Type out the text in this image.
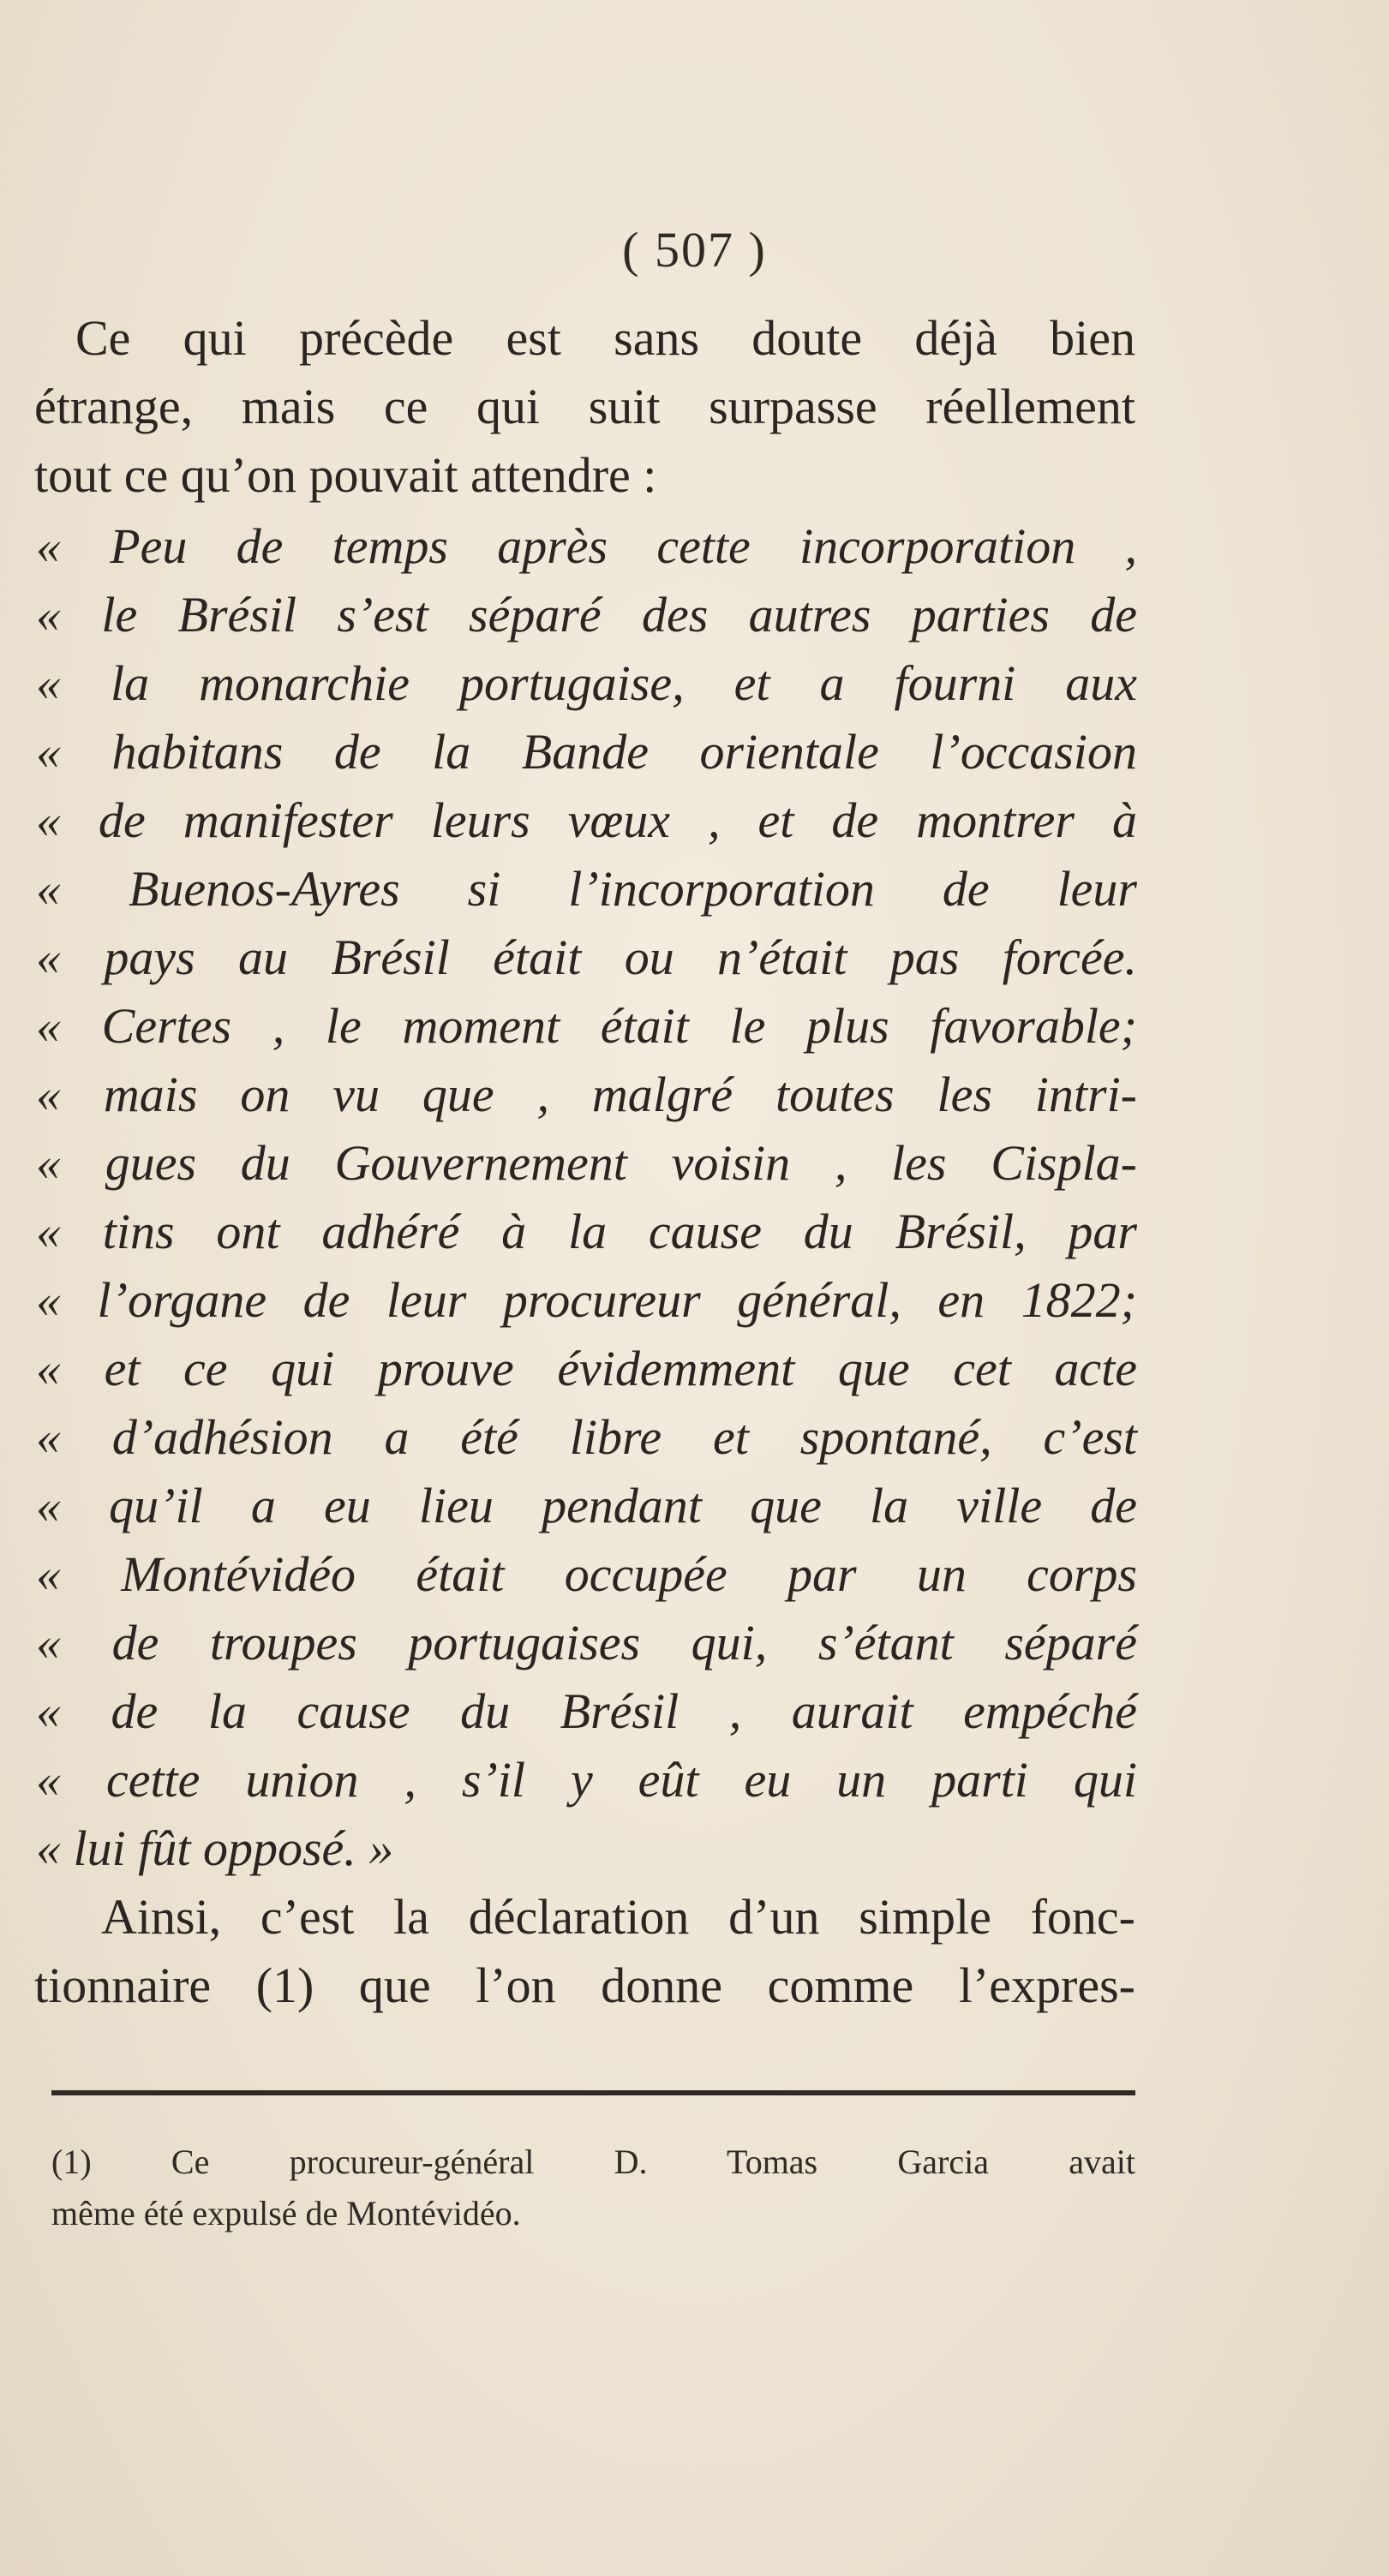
( 507 )
Ce qui précède est sans doute déjà bien
étrange, mais ce qui suit surpasse réellement
tout ce qu’on pouvait attendre :
« Peu de temps après cette incorporation ,
« le Brésil s’est séparé des autres parties de
« la monarchie portugaise, et a fourni aux
« habitans de la Bande orientale l’occasion
« de manifester leurs vœux , et de montrer à
« Buenos-Ayres si l’incorporation de leur
« pays au Brésil était ou n’était pas forcée.
« Certes , le moment était le plus favorable;
« mais on vu que , malgré toutes les intri-
« gues du Gouvernement voisin , les Cispla-
« tins ont adhéré à la cause du Brésil, par
« l’organe de leur procureur général, en 1822;
« et ce qui prouve évidemment que cet acte
« d’adhésion a été libre et spontané, c’est
« qu’il a eu lieu pendant que la ville de
« Montévidéo était occupée par un corps
« de troupes portugaises qui, s’étant séparé
« de la cause du Brésil , aurait empéché
« cette union , s’il y eût eu un parti qui
« lui fût opposé. »
Ainsi, c’est la déclaration d’un simple fonc-
tionnaire (1) que l’on donne comme l’expres-
(1) Ce procureur-général D. Tomas Garcia avait
même été expulsé de Montévidéo.
